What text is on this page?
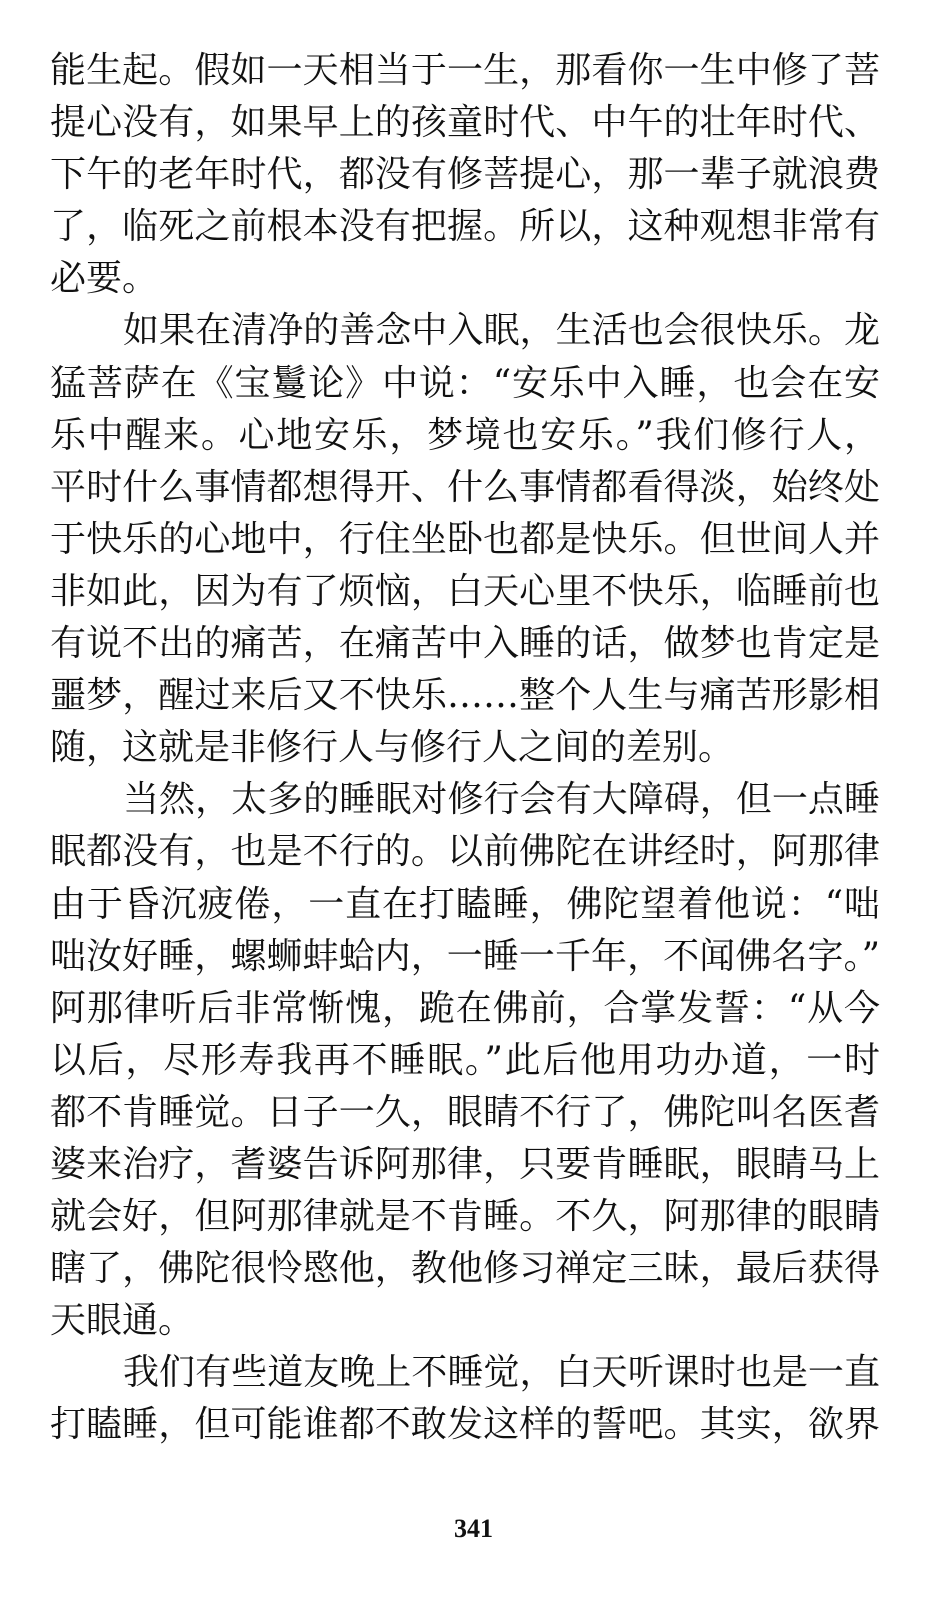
能生起。假如一天相当于一生，那看你一生中修了菩
提心没有，如果早上的孩童时代、中午的壮年时代、
下午的老年时代，都没有修菩提心，那一辈子就浪费
了，临死之前根本没有把握。所以，这种观想非常有
必要。
如果在清净的善念中入眠，生活也会很快乐。龙
猛菩萨在《宝鬘论》中说：“安乐中入睡，也会在安
乐中醒来。心地安乐，梦境也安乐。”我们修行人，
平时什么事情都想得开、什么事情都看得淡，始终处
于快乐的心地中，行住坐卧也都是快乐。但世间人并
非如此，因为有了烦恼，白天心里不快乐，临睡前也
有说不出的痛苦，在痛苦中入睡的话，做梦也肯定是
噩梦，醒过来后又不快乐……整个人生与痛苦形影相
随，这就是非修行人与修行人之间的差别。
当然，太多的睡眠对修行会有大障碍，但一点睡
眠都没有，也是不行的。以前佛陀在讲经时，阿那律
由于昏沉疲倦，一直在打瞌睡，佛陀望着他说：“咄
咄汝好睡，螺蛳蚌蛤内，一睡一千年，不闻佛名字。”
阿那律听后非常惭愧，跪在佛前，合掌发誓：“从今
以后，尽形寿我再不睡眠。”此后他用功办道，一时
都不肯睡觉。日子一久，眼睛不行了，佛陀叫名医耆
婆来治疗，耆婆告诉阿那律，只要肯睡眠，眼睛马上
就会好，但阿那律就是不肯睡。不久，阿那律的眼睛
瞎了，佛陀很怜愍他，教他修习禅定三昧，最后获得
天眼通。
我们有些道友晚上不睡觉，白天听课时也是一直
打瞌睡，但可能谁都不敢发这样的誓吧。其实，欲界
341
